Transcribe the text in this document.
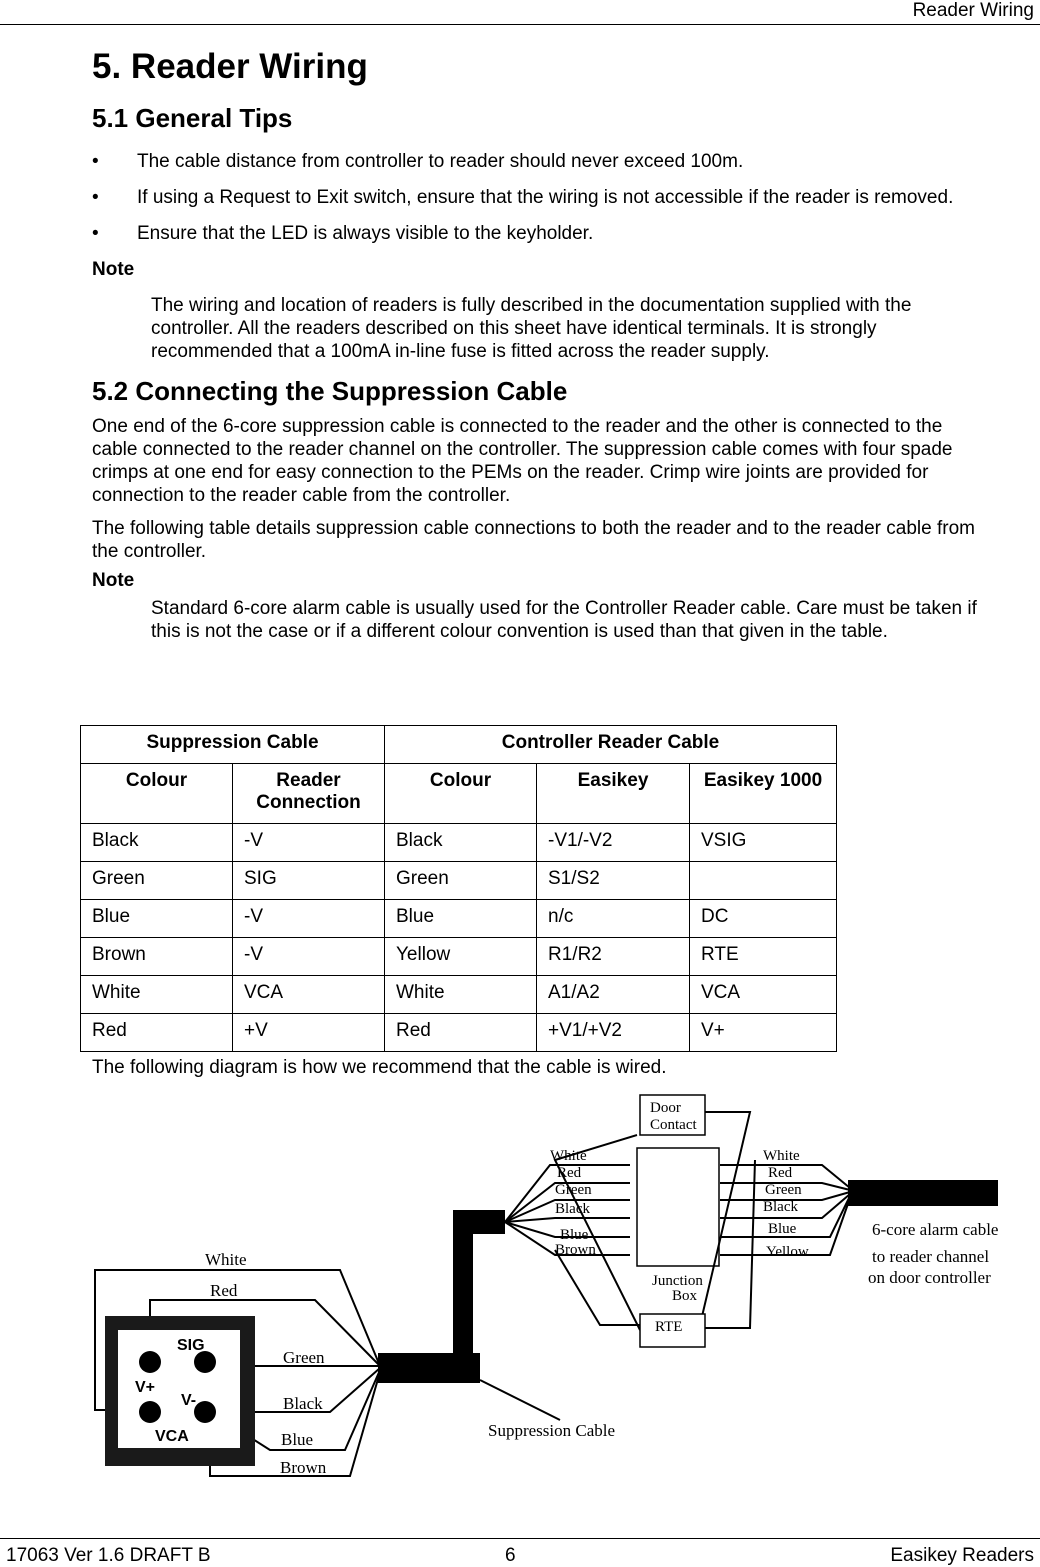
Reader Wiring
5. Reader Wiring
5.1 General Tips
• The cable distance from controller to reader should never exceed 100m.
• If using a Request to Exit switch, ensure that the wiring is not accessible if the reader is removed.
• Ensure that the LED is always visible to the keyholder.
Note
The wiring and location of readers is fully described in the documentation supplied with the controller. All the readers described on this sheet have identical terminals. It is strongly recommended that a 100mA in-line fuse is fitted across the reader supply.
5.2 Connecting the Suppression Cable

One end of the 6-core suppression cable is connected to the reader and the other is connected to the cable connected to the reader channel on the controller. The suppression cable comes with four spade crimps at one end for easy connection to the PEMs on the reader. Crimp wire joints are provided for connection to the reader cable from the controller.

The following table details suppression cable connections to both the reader and to the reader cable from the controller.

Note
Standard 6-core alarm cable is usually used for the Controller Reader cable. Care must be taken if this is not the case or if a different colour convention is used than that given in the table.
Suppression Cable		Controller Reader Cable		
Colour	Reader Connection	Colour	Easikey	Easikey 1000
Black	-V	Black	-V1/-V2	VSIG
Green	SIG	Green	S1/S2	
Blue	-V	Blue	n/c	DC
Brown	-V	Yellow	R1/R2	RTE
White	VCA	White	A1/A2	VCA
Red	+V	Red	+V1/+V2	V+
The following diagram is how we recommend that the cable is wired.
SIG
V+
V-
VCA
Door
Contact
Junction
Box
RTE
White
Red
Green
Black
Blue
Brown
White
Red
Green
Black
Blue
Yellow
White
Red
Green
Black
Blue
Brown
Suppression Cable
6-core alarm cable
to reader channel
on door controller
17063 Ver 1.6 DRAFT B	6	Easikey Readers
